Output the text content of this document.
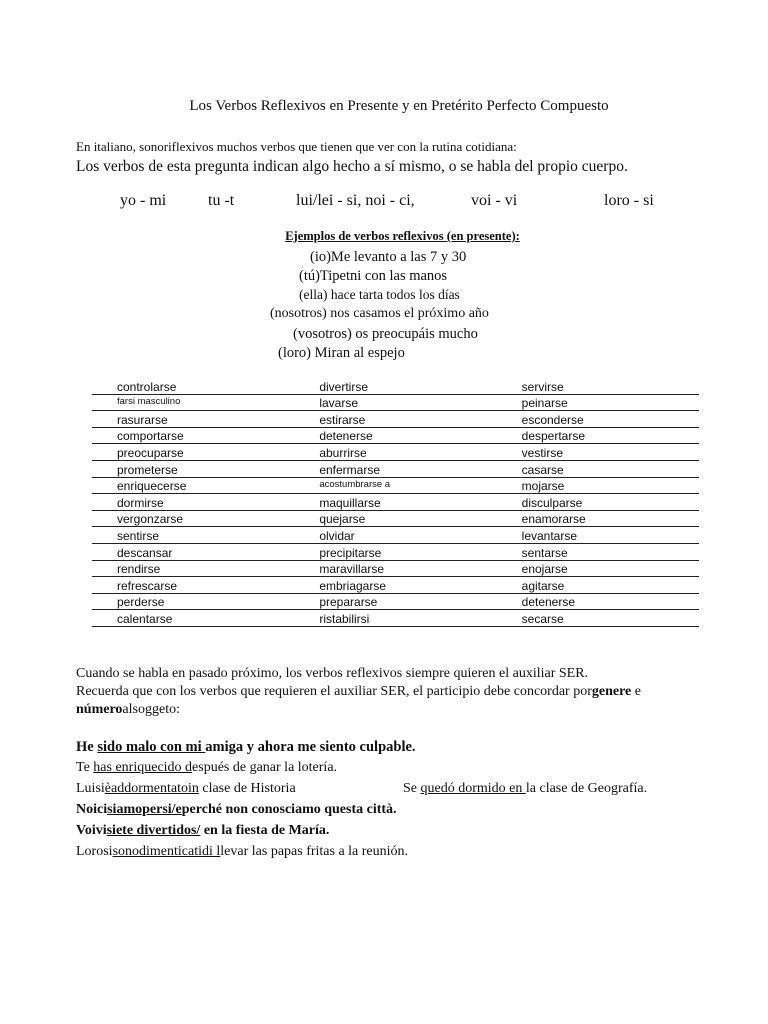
Los Verbos Reflexivos en Presente y en Pretérito Perfecto Compuesto
En italiano, sonoriflexivos muchos verbos que tienen que ver con la rutina cotidiana:
Los verbos de esta pregunta indican algo hecho a sí mismo, o se habla del propio cuerpo.
yo - mi	tu -t	lui/lei - si, noi - ci,	voi - vi	loro - si
Ejemplos de verbos reflexivos (en presente):
(io)Me levanto a las 7 y 30
(tú)Tipetni con las manos
(ella) hace tarta todos los días
(nosotros) nos casamos el próximo año
(vosotros) os preocupáis mucho
(loro) Miran al espejo
controlarse	divertirse	servirse
farsi masculino	lavarse	peinarse
rasurarse	estirarse	esconderse
comportarse	detenerse	despertarse
preocuparse	aburrirse	vestirse
prometerse	enfermarse	casarse
enriquecerse	acostumbrarse a	mojarse
dormirse	maquillarse	disculparse
vergonzarse	quejarse	enamorarse
sentirse	olvidar	levantarse
descansar	precipitarse	sentarse
rendirse	maravillarse	enojarse
refrescarse	embriagarse	agitarse
perderse	prepararse	detenerse
calentarse	ristabilirsi	secarse
Cuando se habla en pasado próximo, los verbos reflexivos siempre quieren el auxiliar SER.
Recuerda que con los verbos que requieren el auxiliar SER, el participio debe concordar porgenere e
númeroalsoggeto:
He sido malo con mi amiga y ahora me siento culpable.
Te has enriquecido después de ganar la lotería.
Luisièaddormentatoin clase de Historia	Se quedó dormido en la clase de Geografía.
Noicisiamopersi/eperché non conosciamo questa città.
Voivisiete divertidos/ en la fiesta de María.
Lorosisonodimenticatidi llevar las papas fritas a la reunión.
